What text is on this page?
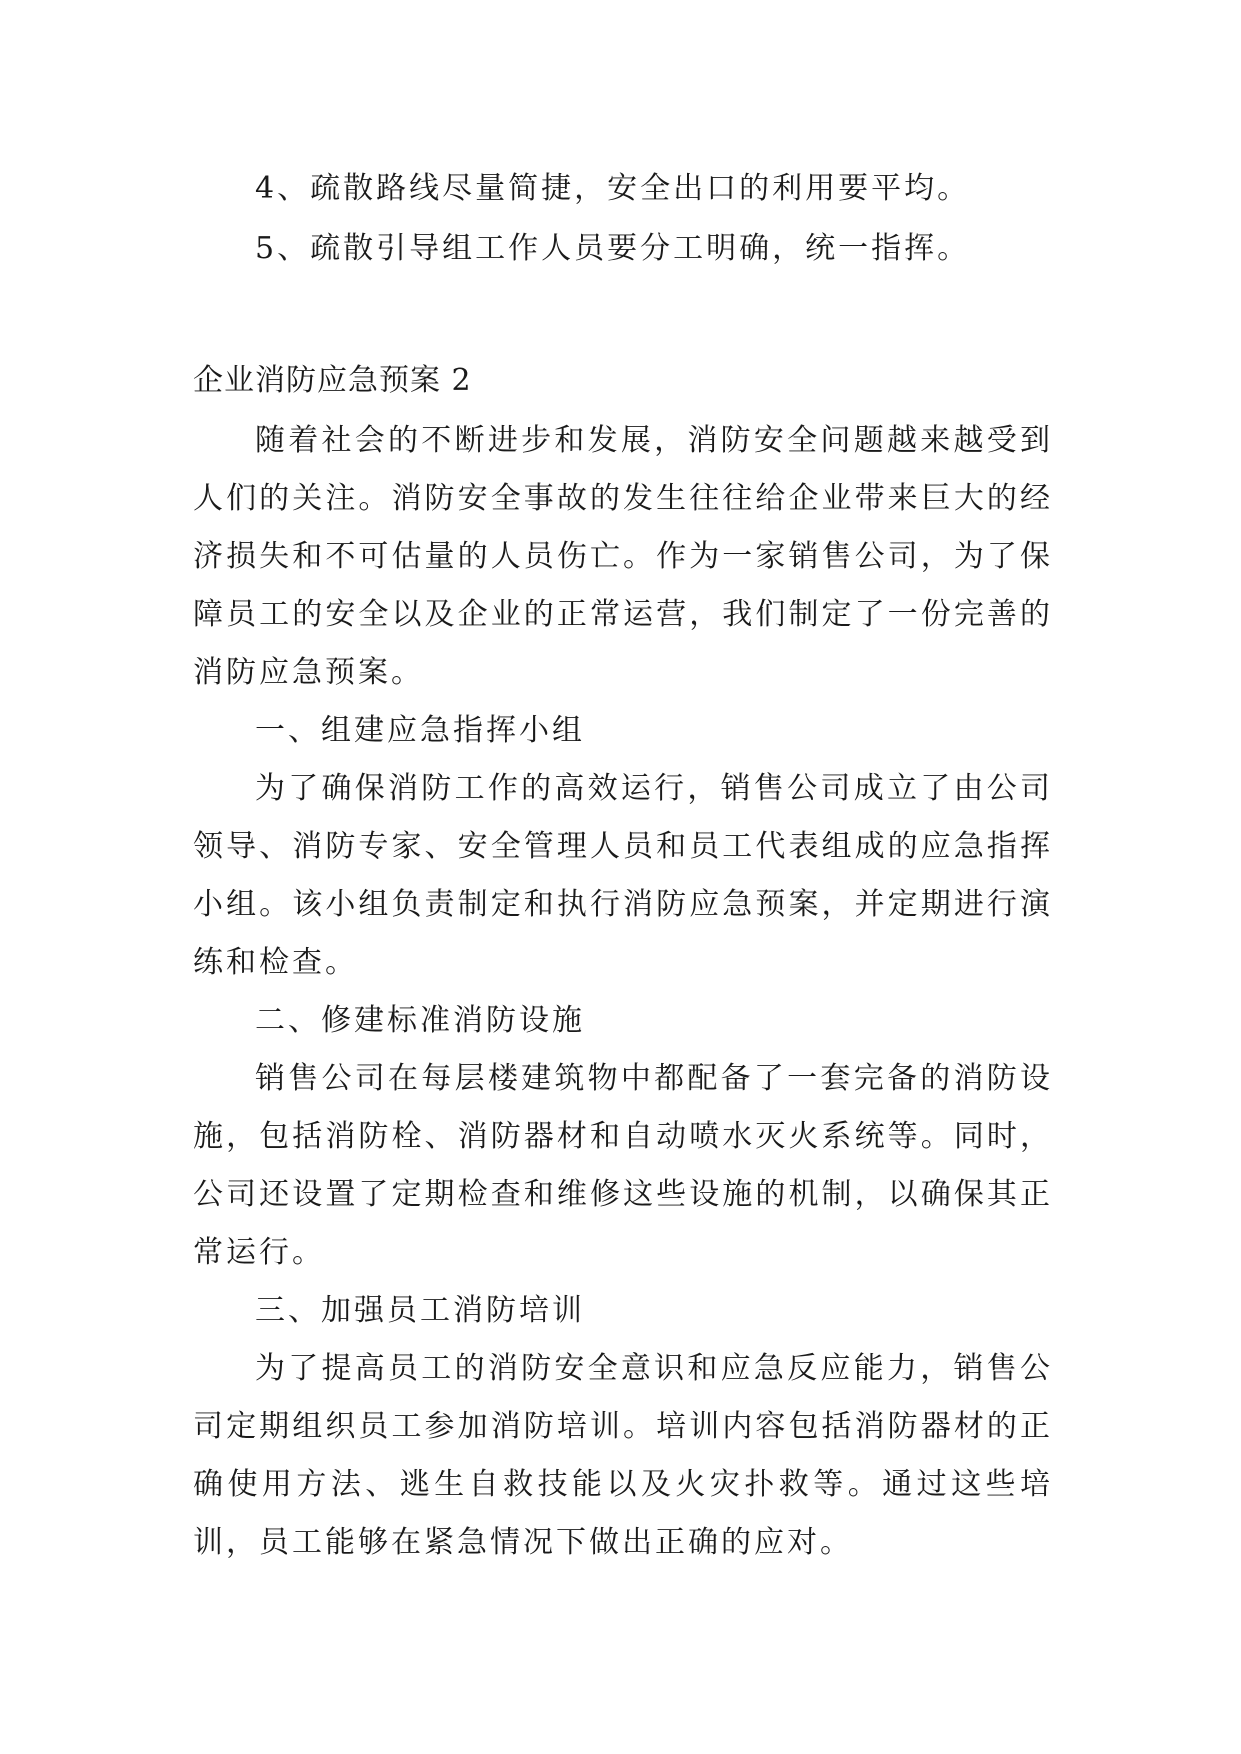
4、疏散路线尽量简捷，安全出口的利用要平均。

5、疏散引导组工作人员要分工明确，统一指挥。

企业消防应急预案 2

随着社会的不断进步和发展，消防安全问题越来越受到人们的关注。消防安全事故的发生往往给企业带来巨大的经济损失和不可估量的人员伤亡。作为一家销售公司，为了保障员工的安全以及企业的正常运营，我们制定了一份完善的消防应急预案。

一、组建应急指挥小组

为了确保消防工作的高效运行，销售公司成立了由公司领导、消防专家、安全管理人员和员工代表组成的应急指挥小组。该小组负责制定和执行消防应急预案，并定期进行演练和检查。

二、修建标准消防设施

销售公司在每层楼建筑物中都配备了一套完备的消防设施，包括消防栓、消防器材和自动喷水灭火系统等。同时，公司还设置了定期检查和维修这些设施的机制，以确保其正常运行。

三、加强员工消防培训

为了提高员工的消防安全意识和应急反应能力，销售公司定期组织员工参加消防培训。培训内容包括消防器材的正确使用方法、逃生自救技能以及火灾扑救等。通过这些培训，员工能够在紧急情况下做出正确的应对。
